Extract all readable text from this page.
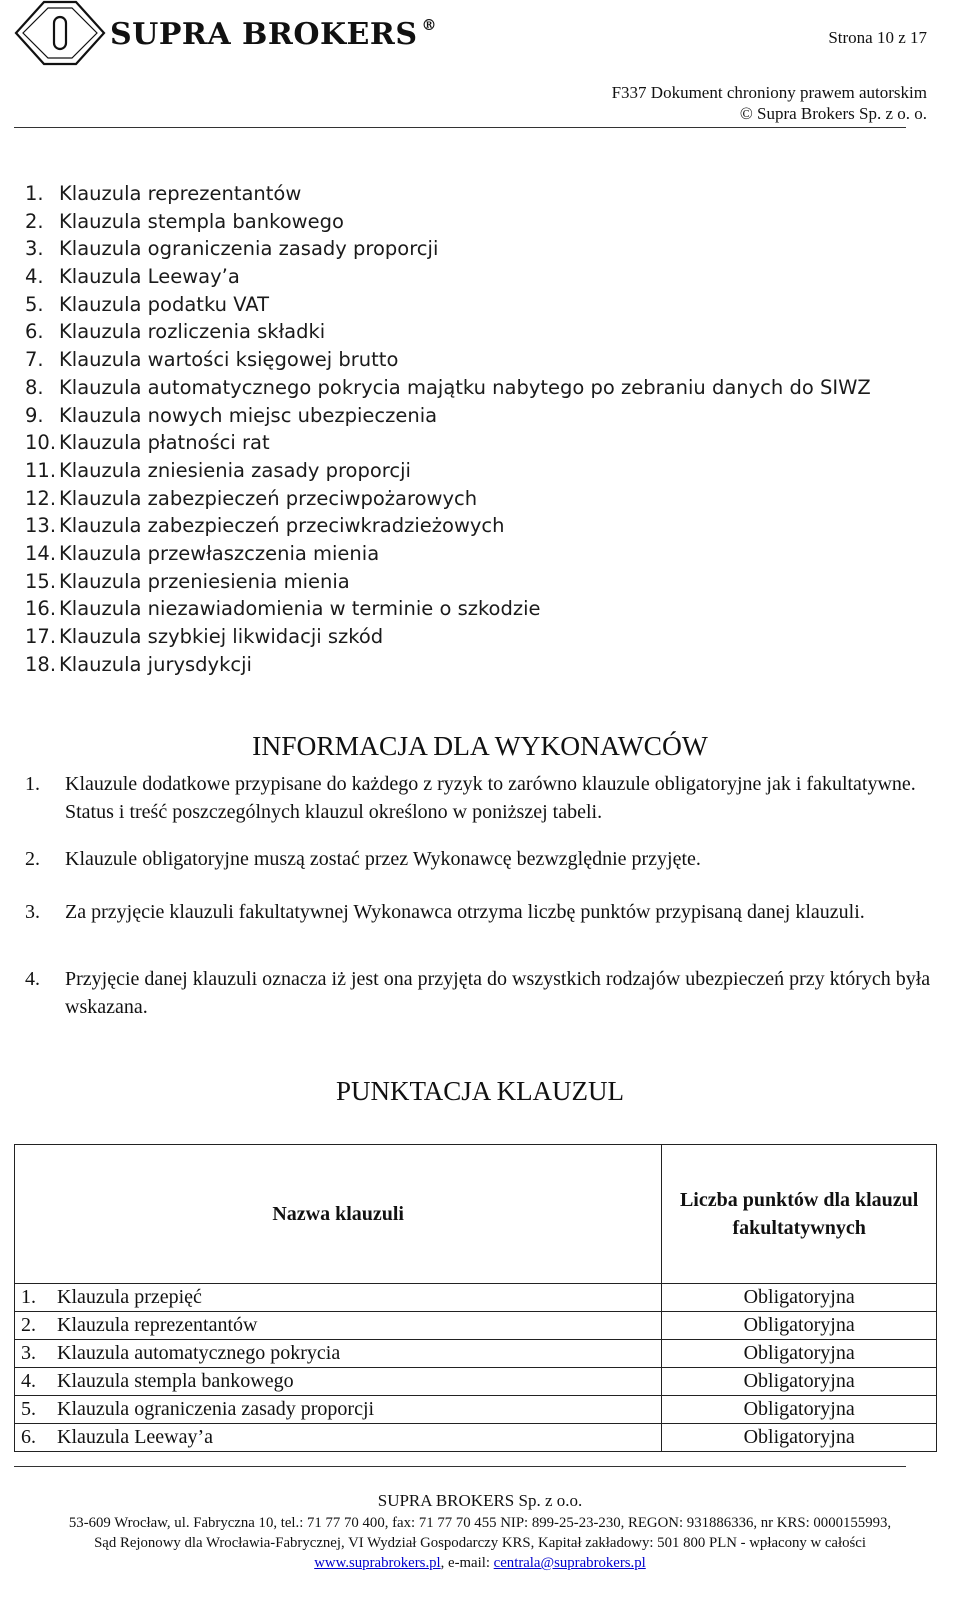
SUPRA BROKERS ®
Strona 10 z 17
F337 Dokument chroniony prawem autorskim
© Supra Brokers Sp. z o. o.
1. Klauzula reprezentantów
2. Klauzula stempla bankowego
3. Klauzula ograniczenia zasady proporcji
4. Klauzula Leeway’a
5. Klauzula podatku VAT
6. Klauzula rozliczenia składki
7. Klauzula wartości księgowej brutto
8. Klauzula automatycznego pokrycia majątku nabytego po zebraniu danych do SIWZ
9. Klauzula nowych miejsc ubezpieczenia
10. Klauzula płatności rat
11. Klauzula zniesienia zasady proporcji
12. Klauzula zabezpieczeń przeciwpożarowych
13. Klauzula zabezpieczeń przeciwkradzieżowych
14. Klauzula przewłaszczenia mienia
15. Klauzula przeniesienia mienia
16. Klauzula niezawiadomienia w terminie o szkodzie
17. Klauzula szybkiej likwidacji szkód
18. Klauzula jurysdykcji
INFORMACJA DLA WYKONAWCÓW
1. Klauzule dodatkowe przypisane do każdego z ryzyk to zarówno klauzule obligatoryjne jak i fakultatywne. Status i treść poszczególnych klauzul określono w poniższej tabeli.
2. Klauzule obligatoryjne muszą zostać przez Wykonawcę bezwzględnie przyjęte.
3. Za przyjęcie klauzuli fakultatywnej Wykonawca otrzyma liczbę punktów przypisaną danej klauzuli.
4. Przyjęcie danej klauzuli oznacza iż jest ona przyjęta do wszystkich rodzajów ubezpieczeń przy których była wskazana.
PUNKTACJA KLAUZUL
Nazwa klauzuli	Liczba punktów dla klauzul fakultatywnych
1. Klauzula przepięć	Obligatoryjna
2. Klauzula reprezentantów	Obligatoryjna
3. Klauzula automatycznego pokrycia	Obligatoryjna
4. Klauzula stempla bankowego	Obligatoryjna
5. Klauzula ograniczenia zasady proporcji	Obligatoryjna
6. Klauzula Leeway’a	Obligatoryjna
SUPRA BROKERS Sp. z o.o.
53-609 Wrocław, ul. Fabryczna 10, tel.: 71 77 70 400, fax: 71 77 70 455 NIP: 899-25-23-230, REGON: 931886336, nr KRS: 0000155993,
Sąd Rejonowy dla Wrocławia-Fabrycznej, VI Wydział Gospodarczy KRS, Kapitał zakładowy: 501 800 PLN - wpłacony w całości
www.suprabrokers.pl, e-mail: centrala@suprabrokers.pl
